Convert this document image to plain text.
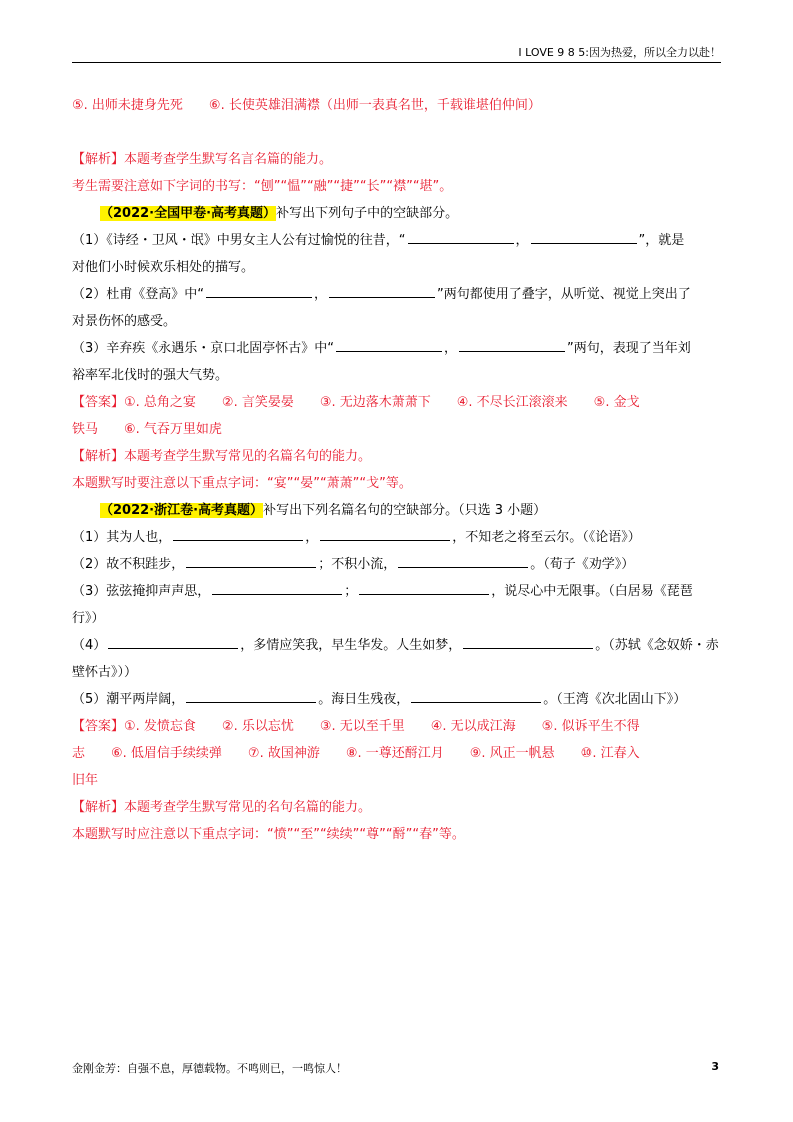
I LOVE 9 8 5:因为热爱，所以全力以赴！
⑤. 出师未捷身先死　　⑥. 长使英雄泪满襟（出师一表真名世，千载谁堪伯仲间）
【解析】本题考查学生默写名言名篇的能力。
考生需要注意如下字词的书写：“刨”“愠”“融”“捷”“长”“襟”“堪”。
（2022·全国甲卷·高考真题）补写出下列句子中的空缺部分。
（1）《诗经・卫风・氓》中男女主人公有过愉悦的往昔，“	，	”，就是
对他们小时候欢乐相处的描写。
（2）杜甫《登高》中“	，	”两句都使用了叠字，从听觉、视觉上突出了
对景伤怀的感受。
（3）辛弃疾《永遇乐・京口北固亭怀古》中“	，	”两句，表现了当年刘
裕率军北伐时的强大气势。
【答案】①. 总角之宴　　②. 言笑晏晏　　③. 无边落木萧萧下　　④. 不尽长江滚滚来　　⑤. 金戈
铁马　　⑥. 气吞万里如虎
【解析】本题考查学生默写常见的名篇名句的能力。
本题默写时要注意以下重点字词：“宴”“晏”“萧萧”“戈”等。
（2022·浙江卷·高考真题）补写出下列名篇名句的空缺部分。（只选 3 小题）
（1）其为人也，	，	，不知老之将至云尔。（《论语》）
（2）故不积跬步，	；不积小流，	。（荀子《劝学》）
（3）弦弦掩抑声声思，	；	，说尽心中无限事。（白居易《琵琶
行》）
（4）	，多情应笑我，早生华发。人生如梦，	。（苏轼《念奴娇・赤
壁怀古》））
（5）潮平两岸阔，	。海日生残夜，	。（王湾《次北固山下》）
【答案】①. 发愤忘食　　②. 乐以忘忧　　③. 无以至千里　　④. 无以成江海　　⑤. 似诉平生不得
志　　⑥. 低眉信手续续弹　　⑦. 故国神游　　⑧. 一尊还酹江月　　⑨. 风正一帆悬　　⑩. 江春入
旧年
【解析】本题考查学生默写常见的名句名篇的能力。
本题默写时应注意以下重点字词：“愤”“至”“续续”“尊”“酹”“春”等。
金刚金芳：自强不息，厚德载物。不鸣则已，一鸣惊人！	3
